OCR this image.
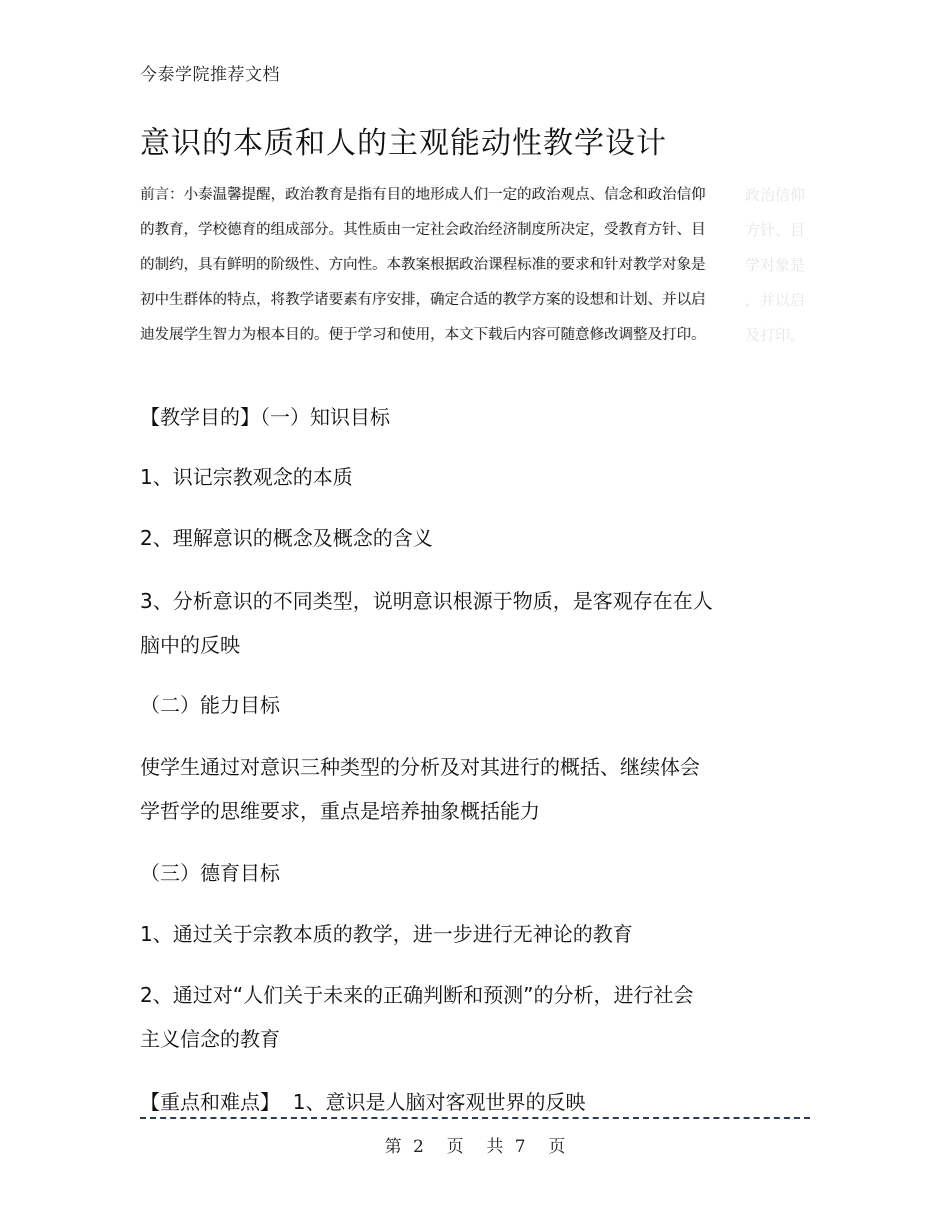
今泰学院推荐文档
意识的本质和人的主观能动性教学设计
前言：小泰温馨提醒，政治教育是指有目的地形成人们一定的政治观点、信念和政治信仰
的教育，学校德育的组成部分。其性质由一定社会政治经济制度所决定，受教育方针、目
的制约，具有鲜明的阶级性、方向性。本教案根据政治课程标准的要求和针对教学对象是
初中生群体的特点，将教学诸要素有序安排，确定合适的教学方案的设想和计划、并以启
迪发展学生智力为根本目的。便于学习和使用，本文下载后内容可随意修改调整及打印。
政治信仰
方针、目
学对象是
，并以启
及打印。
【教学目的】（一）知识目标
1、识记宗教观念的本质
2、理解意识的概念及概念的含义
3、分析意识的不同类型，说明意识根源于物质，是客观存在在人
脑中的反映
（二）能力目标
使学生通过对意识三种类型的分析及对其进行的概括、继续体会
学哲学的思维要求，重点是培养抽象概括能力
（三）德育目标
1、通过关于宗教本质的教学，进一步进行无神论的教育
2、通过对“人们关于未来的正确判断和预测”的分析，进行社会
主义信念的教育
【重点和难点】  1、意识是人脑对客观世界的反映
第 2  页  共 7  页
